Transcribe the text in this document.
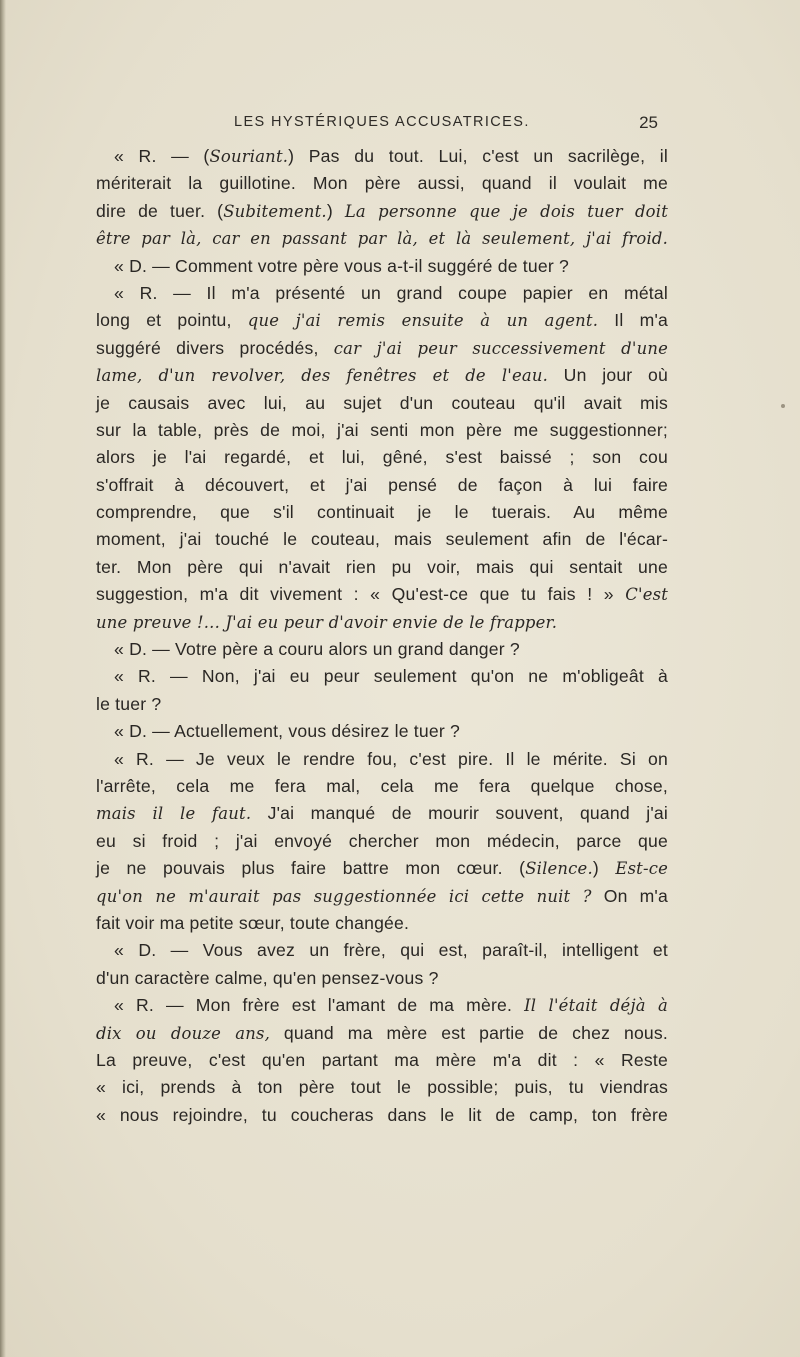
LES HYSTÉRIQUES ACCUSATRICES.	25
« R. — (Souriant.) Pas du tout. Lui, c'est un sacrilège, il
mériterait la guillotine. Mon père aussi, quand il voulait me
dire de tuer. (Subitement.) La personne que je dois tuer doit
être par là, car en passant par là, et là seulement, j'ai froid.
« D. — Comment votre père vous a-t-il suggéré de tuer ?
« R. — Il m'a présenté un grand coupe papier en métal
long et pointu, que j'ai remis ensuite à un agent. Il m'a
suggéré divers procédés, car j'ai peur successivement d'une
lame, d'un revolver, des fenêtres et de l'eau. Un jour où
je causais avec lui, au sujet d'un couteau qu'il avait mis
sur la table, près de moi, j'ai senti mon père me suggestionner;
alors je l'ai regardé, et lui, gêné, s'est baissé ; son cou
s'offrait à découvert, et j'ai pensé de façon à lui faire
comprendre, que s'il continuait je le tuerais. Au même
moment, j'ai touché le couteau, mais seulement afin de l'écar-
ter. Mon père qui n'avait rien pu voir, mais qui sentait une
suggestion, m'a dit vivement : « Qu'est-ce que tu fais ! » C'est
une preuve !... J'ai eu peur d'avoir envie de le frapper.
« D. — Votre père a couru alors un grand danger ?
« R. — Non, j'ai eu peur seulement qu'on ne m'obligeât à
le tuer ?
« D. — Actuellement, vous désirez le tuer ?
« R. — Je veux le rendre fou, c'est pire. Il le mérite. Si on
l'arrête, cela me fera mal, cela me fera quelque chose,
mais il le faut. J'ai manqué de mourir souvent, quand j'ai
eu si froid ; j'ai envoyé chercher mon médecin, parce que
je ne pouvais plus faire battre mon cœur. (Silence.) Est-ce
qu'on ne m'aurait pas suggestionnée ici cette nuit ? On m'a
fait voir ma petite sœur, toute changée.
« D. — Vous avez un frère, qui est, paraît-il, intelligent et
d'un caractère calme, qu'en pensez-vous ?
« R. — Mon frère est l'amant de ma mère. Il l'était déjà à
dix ou douze ans, quand ma mère est partie de chez nous.
La preuve, c'est qu'en partant ma mère m'a dit : « Reste
« ici, prends à ton père tout le possible; puis, tu viendras
« nous rejoindre, tu coucheras dans le lit de camp, ton frère
